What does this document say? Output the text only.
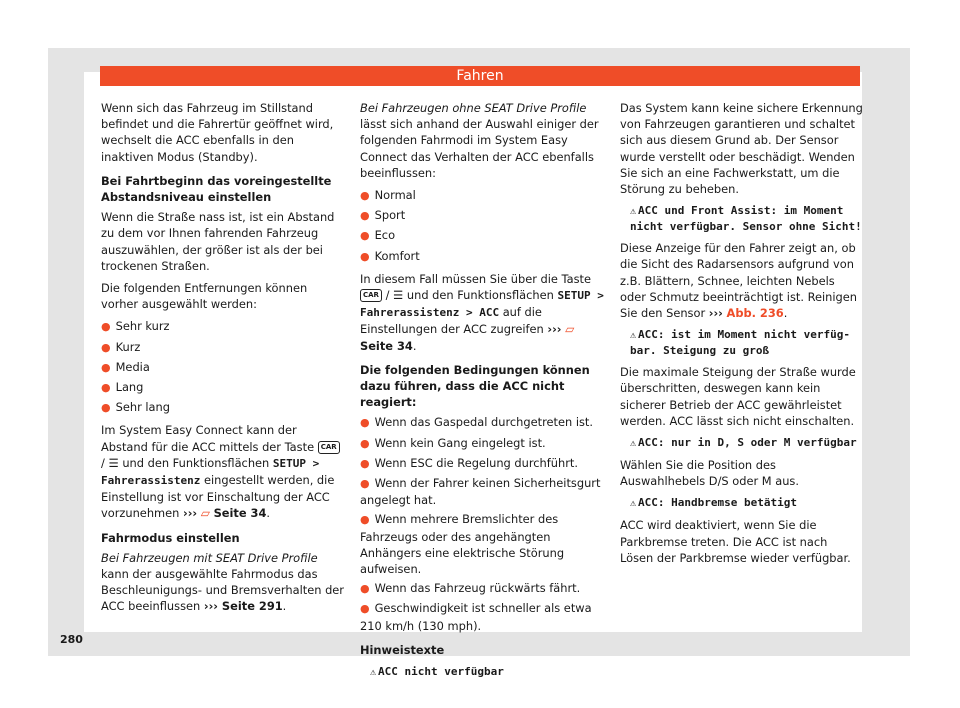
Fahren

Wenn sich das Fahrzeug im Stillstand befindet und die Fahrertür geöffnet wird, wechselt die ACC ebenfalls in den inaktiven Modus (Standby).

Bei Fahrtbeginn das voreingestellte Abstandsniveau einstellen

Wenn die Straße nass ist, ist ein Abstand zu dem vor Ihnen fahrenden Fahrzeug auszuwählen, der größer ist als der bei trockenen Straßen.

Die folgenden Entfernungen können vorher ausgewählt werden:

● Sehr kurz
● Kurz
● Media
● Lang
● Sehr lang

Im System Easy Connect kann der Abstand für die ACC mittels der Taste CAR / ☰ und den Funktionsflächen SETUP > Fahrerassistenz eingestellt werden, die Einstellung ist vor Einschaltung der ACC vorzunehmen ››› ▱ Seite 34.

Fahrmodus einstellen

Bei Fahrzeugen mit SEAT Drive Profile kann der ausgewählte Fahrmodus das Beschleunigungs- und Bremsverhalten der ACC beeinflussen ››› Seite 291.

Bei Fahrzeugen ohne SEAT Drive Profile lässt sich anhand der Auswahl einiger der folgenden Fahrmodi im System Easy Connect das Verhalten der ACC ebenfalls beeinflussen:

● Normal
● Sport
● Eco
● Komfort

In diesem Fall müssen Sie über die Taste CAR / ☰ und den Funktionsflächen SETUP > Fahrerassistenz > ACC auf die Einstellungen der ACC zugreifen ››› ▱ Seite 34.

Die folgenden Bedingungen können dazu führen, dass die ACC nicht reagiert:

● Wenn das Gaspedal durchgetreten ist.
● Wenn kein Gang eingelegt ist.
● Wenn ESC die Regelung durchführt.
● Wenn der Fahrer keinen Sicherheitsgurt angelegt hat.
● Wenn mehrere Bremslichter des Fahrzeugs oder des angehängten Anhängers eine elektrische Störung aufweisen.
● Wenn das Fahrzeug rückwärts fährt.
● Geschwindigkeit ist schneller als etwa 210 km/h (130 mph).

Hinweistexte

⚠ ACC nicht verfügbar

Das System kann keine sichere Erkennung von Fahrzeugen garantieren und schaltet sich aus diesem Grund ab. Der Sensor wurde verstellt oder beschädigt. Wenden Sie sich an eine Fachwerkstatt, um die Störung zu beheben.

⚠ ACC und Front Assist: im Moment nicht verfügbar. Sensor ohne Sicht!

Diese Anzeige für den Fahrer zeigt an, ob die Sicht des Radarsensors aufgrund von z.B. Blättern, Schnee, leichten Nebels oder Schmutz beeinträchtigt ist. Reinigen Sie den Sensor ››› Abb. 236.

⚠ ACC: ist im Moment nicht verfügbar. Steigung zu groß

Die maximale Steigung der Straße wurde überschritten, deswegen kann kein sicherer Betrieb der ACC gewährleistet werden. ACC lässt sich nicht einschalten.

⚠ ACC: nur in D, S oder M verfügbar

Wählen Sie die Position des Auswahlhebels D/S oder M aus.

⚠ ACC: Handbremse betätigt

ACC wird deaktiviert, wenn Sie die Parkbremse treten. Die ACC ist nach Lösen der Parkbremse wieder verfügbar.

280
